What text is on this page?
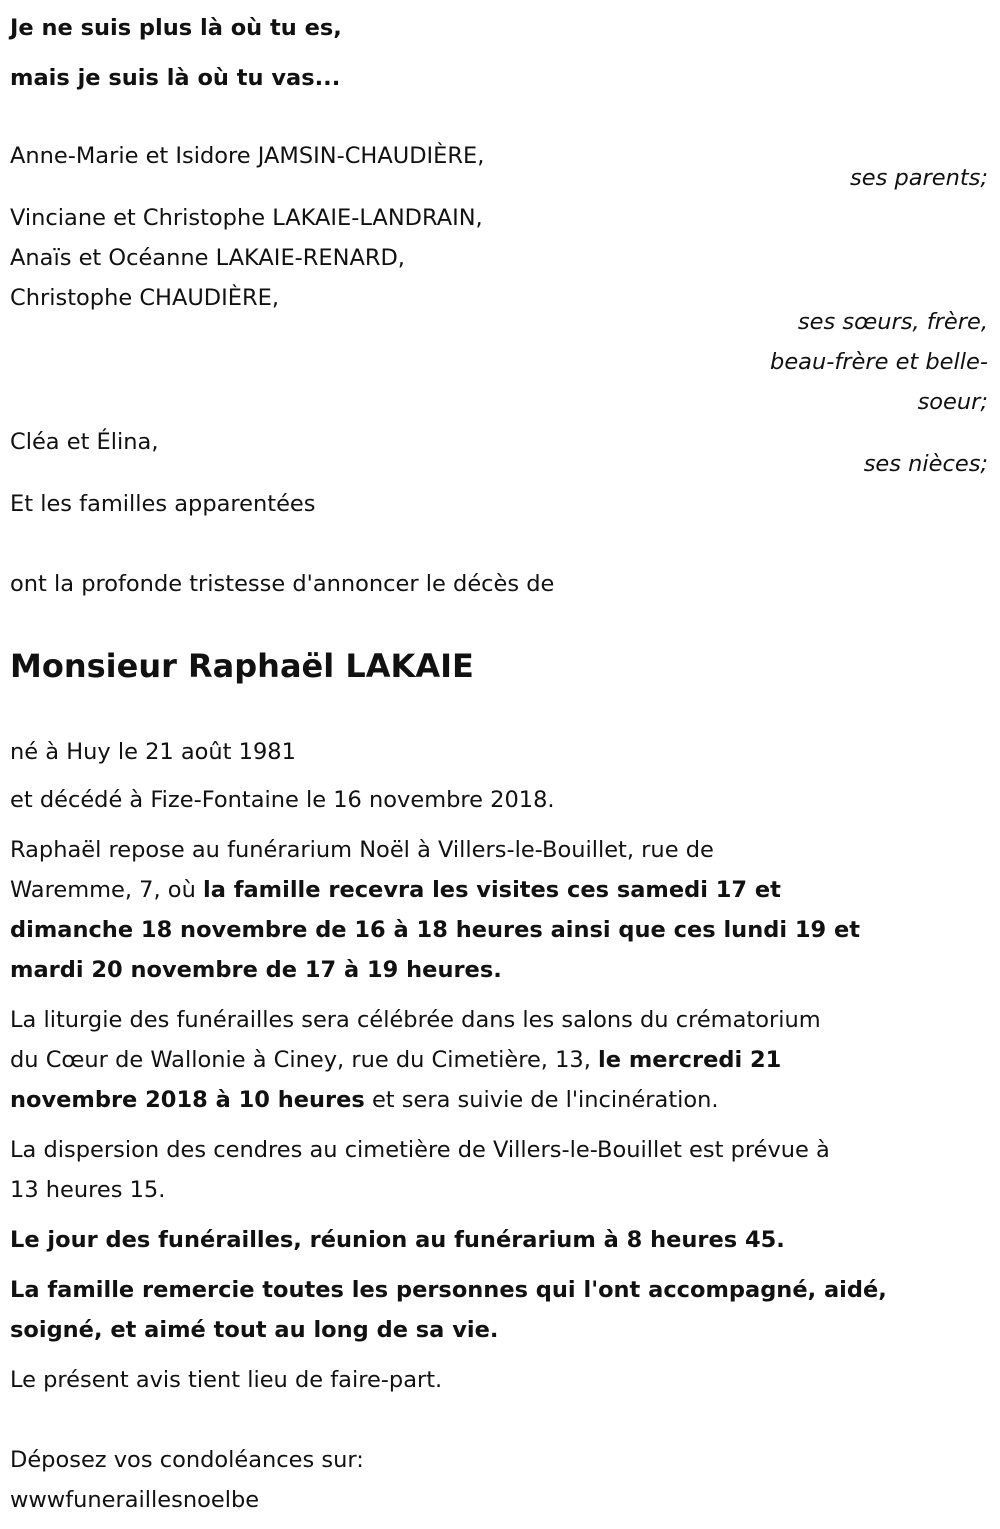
Je ne suis plus là où tu es,
mais je suis là où tu vas...
Anne-Marie et Isidore JAMSIN-CHAUDIÈRE,
ses parents;
Vinciane et Christophe LAKAIE-LANDRAIN,
Anaïs et Océanne LAKAIE-RENARD,
Christophe CHAUDIÈRE,
ses sœurs, frère,
beau-frère et belle-
soeur;
Cléa et Élina,
ses nièces;
Et les familles apparentées
ont la profonde tristesse d'annoncer le décès de
Monsieur Raphaël LAKAIE
né à Huy le 21 août 1981
et décédé à Fize-Fontaine le 16 novembre 2018.
Raphaël repose au funérarium Noël à Villers-le-Bouillet, rue de
Waremme, 7, où la famille recevra les visites ces samedi 17 et
dimanche 18 novembre de 16 à 18 heures ainsi que ces lundi 19 et
mardi 20 novembre de 17 à 19 heures.
La liturgie des funérailles sera célébrée dans les salons du crématorium
du Cœur de Wallonie à Ciney, rue du Cimetière, 13, le mercredi 21
novembre 2018 à 10 heures et sera suivie de l'incinération.
La dispersion des cendres au cimetière de Villers-le-Bouillet est prévue à
13 heures 15.
Le jour des funérailles, réunion au funérarium à 8 heures 45.
La famille remercie toutes les personnes qui l'ont accompagné, aidé,
soigné, et aimé tout au long de sa vie.
Le présent avis tient lieu de faire-part.
Déposez vos condoléances sur:
wwwfuneraillesnoelbe
